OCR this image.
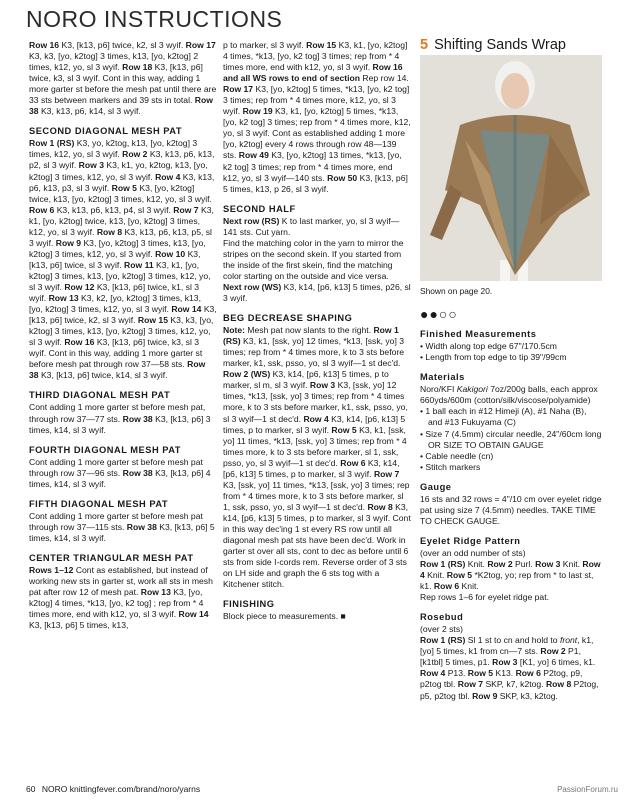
NORO INSTRUCTIONS

Row 16 K3, [k13, p6] twice, k2, sl 3 wyif. Row 17 K3, k3, [yo, k2tog] 3 times, k13, [yo, k2tog] 2 times, k12, yo, sl 3 wyif. Row 18 K3, [k13, p6] twice, k3, sl 3 wyif. Cont in this way, adding 1 more garter st before the mesh pat until there are 33 sts between markers and 39 sts in total. Row 38 K3, k13, p6, k14, sl 3 wyif.

SECOND DIAGONAL MESH PAT

Row 1 (RS) K3, yo, k2tog, k13, [yo, k2tog] 3 times, k12, yo, sl 3 wyif. Row 2 K3, k13, p6, k13, p2, sl 3 wyif. Row 3 K3, k1, yo, k2tog, k13, [yo, k2tog] 3 times, k12, yo, sl 3 wyif. Row 4 K3, k13, p6, k13, p3, sl 3 wyif. Row 5 K3, [yo, k2tog] twice, k13, [yo, k2tog] 3 times, k12, yo, sl 3 wyif. Row 6 K3, k13, p6, k13, p4, sl 3 wyif. Row 7 K3, k1, [yo, k2tog] twice, k13, [yo, k2tog] 3 times, k12, yo, sl 3 wyif. Row 8 K3, k13, p6, k13, p5, sl 3 wyif. Row 9 K3, [yo, k2tog] 3 times, k13, [yo, k2tog] 3 times, k12, yo, sl 3 wyif. Row 10 K3, [k13, p6] twice, sl 3 wyif. Row 11 K3, k1, [yo, k2tog] 3 times, k13, [yo, k2tog] 3 times, k12, yo, sl 3 wyif. Row 12 K3, [k13, p6] twice, k1, sl 3 wyif. Row 13 K3, k2, [yo, k2tog] 3 times, k13, [yo, k2tog] 3 times, k12, yo, sl 3 wyif. Row 14 K3, [k13, p6] twice, k2, sl 3 wyif. Row 15 K3, k3, [yo, k2tog] 3 times, k13, [yo, k2tog] 3 times, k12, yo, sl 3 wyif. Row 16 K3, [k13, p6] twice, k3, sl 3 wyif. Cont in this way, adding 1 more garter st before mesh pat through row 37—58 sts. Row 38 K3, [k13, p6] twice, k14, sl 3 wyif.

THIRD DIAGONAL MESH PAT

Cont adding 1 more garter st before mesh pat, through row 37—77 sts. Row 38 K3, [k13, p6] 3 times, k14, sl 3 wyif.

FOURTH DIAGONAL MESH PAT

Cont adding 1 more garter st before mesh pat through row 37—96 sts. Row 38 K3, [k13, p6] 4 times, k14, sl 3 wyif.

FIFTH DIAGONAL MESH PAT

Cont adding 1 more garter st before mesh pat through row 37—115 sts. Row 38 K3, [k13, p6] 5 times, k14, sl 3 wyif.

CENTER TRIANGULAR MESH PAT

Rows 1–12 Cont as established, but instead of working new sts in garter st, work all sts in mesh pat after row 12 of mesh pat. Row 13 K3, [yo, k2tog] 4 times, *k13, [yo, k2 tog] ; rep from * 4 times more, end with k12, yo, sl 3 wyif. Row 14 K3, [k13, p6] 5 times, k13,

p to marker, sl 3 wyif. Row 15 K3, k1, [yo, k2tog] 4 times, *k13, [yo, k2 tog] 3 times; rep from * 4 times more, end with k12, yo, sl 3 wyif. Row 16 and all WS rows to end of section Rep row 14. Row 17 K3, [yo, k2tog] 5 times, *k13, [yo, k2 tog] 3 times; rep from * 4 times more, k12, yo, sl 3 wyif. Row 19 K3, k1, [yo, k2tog] 5 times, *k13, [yo, k2 tog] 3 times; rep from * 4 times more, k12, yo, sl 3 wyif. Cont as established adding 1 more [yo, k2tog] every 4 rows through row 48—139 sts. Row 49 K3, [yo, k2tog] 13 times, *k13, [yo, k2 tog] 3 times; rep from * 4 times more, end k12, yo, sl 3 wyif—140 sts. Row 50 K3, [k13, p6] 5 times, k13, p 26, sl 3 wyif.

SECOND HALF

Next row (RS) K to last marker, yo, sl 3 wyif—141 sts. Cut yarn.
Find the matching color in the yarn to mirror the stripes on the second skein. If you started from the inside of the first skein, find the matching color starting on the outside and vice versa.
Next row (WS) K3, k14, [p6, k13] 5 times, p26, sl 3 wyif.

BEG DECREASE SHAPING

Note: Mesh pat now slants to the right. Row 1 (RS) K3, k1, [ssk, yo] 12 times, *k13, [ssk, yo] 3 times; rep from * 4 times more, k to 3 sts before marker, k1, ssk, psso, yo, sl 3 wyif—1 st dec'd. Row 2 (WS) K3, k14, [p6, k13] 5 times, p to marker, sl m, sl 3 wyif. Row 3 K3, [ssk, yo] 12 times, *k13, [ssk, yo] 3 times; rep from * 4 times more, k to 3 sts before marker, k1, ssk, psso, yo, sl 3 wyif—1 st dec'd. Row 4 K3, k14, [p6, k13] 5 times, p to marker, sl 3 wyif. Row 5 K3, k1, [ssk, yo] 11 times, *k13, [ssk, yo] 3 times; rep from * 4 times more, k to 3 sts before marker, sl 1, ssk, psso, yo, sl 3 wyif—1 st dec'd. Row 6 K3, k14, [p6, k13] 5 times, p to marker, sl 3 wyif. Row 7 K3, [ssk, yo] 11 times, *k13, [ssk, yo] 3 times; rep from * 4 times more, k to 3 sts before marker, sl 1, ssk, psso, yo, sl 3 wyif—1 st dec'd. Row 8 K3, k14, [p6, k13] 5 times, p to marker, sl 3 wyif. Cont in this way dec'ing 1 st every RS row until all diagonal mesh pat sts have been dec'd. Work in garter st over all sts, cont to dec as before until 6 sts from side I-cords rem. Reverse order of 3 sts on LH side and graph the 6 sts tog with a Kitchener stitch.

FINISHING

Block piece to measurements. ■

5 Shifting Sands Wrap
Shown on page 20.
●●○○
Finished Measurements

• Width along top edge 67"/170.5cm

• Length from top edge to tip 39"/99cm

Materials

Noro/KFI Kakigori 7oz/200g balls, each approx 660yds/600m (cotton/silk/viscose/polyamide)

• 1 ball each in #12 Himeji (A), #1 Naha (B), and #13 Fukuyama (C)

• Size 7 (4.5mm) circular needle, 24"/60cm long OR SIZE TO OBTAIN GAUGE

• Cable needle (cn)

• Stitch markers

Gauge

16 sts and 32 rows = 4"/10 cm over eyelet ridge pat using size 7 (4.5mm) needles. TAKE TIME TO CHECK GAUGE.

Eyelet Ridge Pattern

(over an odd number of sts)
Row 1 (RS) Knit. Row 2 Purl. Row 3 Knit. Row 4 Knit. Row 5 *K2tog, yo; rep from * to last st, k1. Row 6 Knit.
Rep rows 1–6 for eyelet ridge pat.

Rosebud

(over 2 sts)
Row 1 (RS) Sl 1 st to cn and hold to front, k1, [yo] 5 times, k1 from cn—7 sts. Row 2 P1, [k1tbl] 5 times, p1. Row 3 [K1, yo] 6 times, k1. Row 4 P13. Row 5 K13. Row 6 P2tog, p9, p2tog tbl. Row 7 SKP, k7, k2tog. Row 8 P2tog, p5, p2tog tbl. Row 9 SKP, k3, k2tog.

60 NORO knittingfever.com/brand/noro/yarns	PassionForum.ru
